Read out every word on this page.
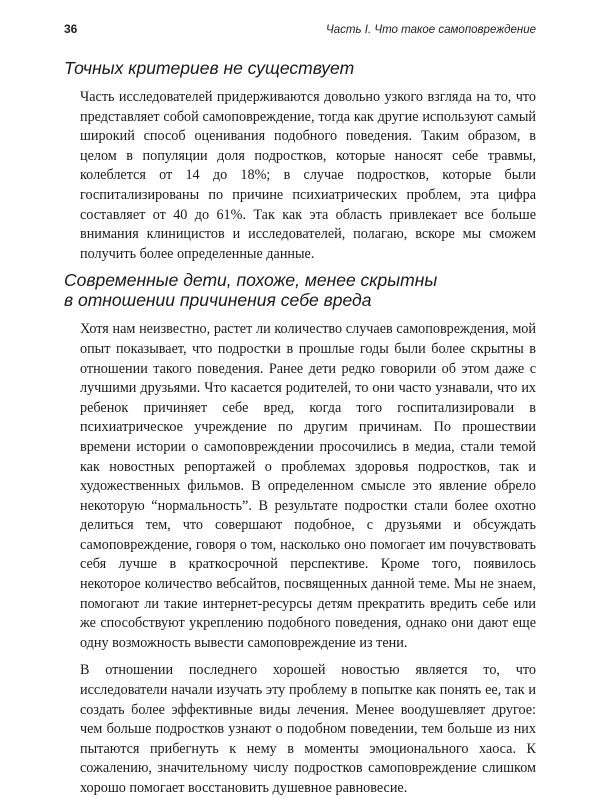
36	Часть I. Что такое самоповреждение
Точных критериев не существует

Часть исследователей придерживаются довольно узкого взгляда на то, что представляет собой самоповреждение, тогда как другие используют самый широкий способ оценивания подобного поведения. Таким образом, в целом в популяции доля подростков, которые наносят себе травмы, колеблется от 14 до 18%; в случае подростков, которые были госпитализированы по причине психиатрических проблем, эта цифра составляет от 40 до 61%. Так как эта область привлекает все больше внимания клиницистов и исследователей, полагаю, вскоре мы сможем получить более определенные данные.

Современные дети, похоже, менее скрытны
в отношении причинения себе вреда

Хотя нам неизвестно, растет ли количество случаев самоповреждения, мой опыт показывает, что подростки в прошлые годы были более скрытны в отношении такого поведения. Ранее дети редко говорили об этом даже с лучшими друзьями. Что касается родителей, то они часто узнавали, что их ребенок причиняет себе вред, когда того госпитализировали в психиатрическое учреждение по другим причинам. По прошествии времени истории о самоповреждении просочились в медиа, стали темой как новостных репортажей о проблемах здоровья подростков, так и художественных фильмов. В определенном смысле это явление обрело некоторую “нормальность”. В результате подростки стали более охотно делиться тем, что совершают подобное, с друзьями и обсуждать самоповреждение, говоря о том, насколько оно помогает им почувствовать себя лучше в краткосрочной перспективе. Кроме того, появилось некоторое количество вебсайтов, посвященных данной теме. Мы не знаем, помогают ли такие интернет-ресурсы детям прекратить вредить себе или же способствуют укреплению подобного поведения, однако они дают еще одну возможность вывести самоповреждение из тени.

В отношении последнего хорошей новостью является то, что исследователи начали изучать эту проблему в попытке как понять ее, так и создать более эффективные виды лечения. Менее воодушевляет другое: чем больше подростков узнают о подобном поведении, тем больше из них пытаются прибегнуть к нему в моменты эмоционального хаоса. К сожалению, значительному числу подростков самоповреждение слишком хорошо помогает восстановить душевное равновесие.
